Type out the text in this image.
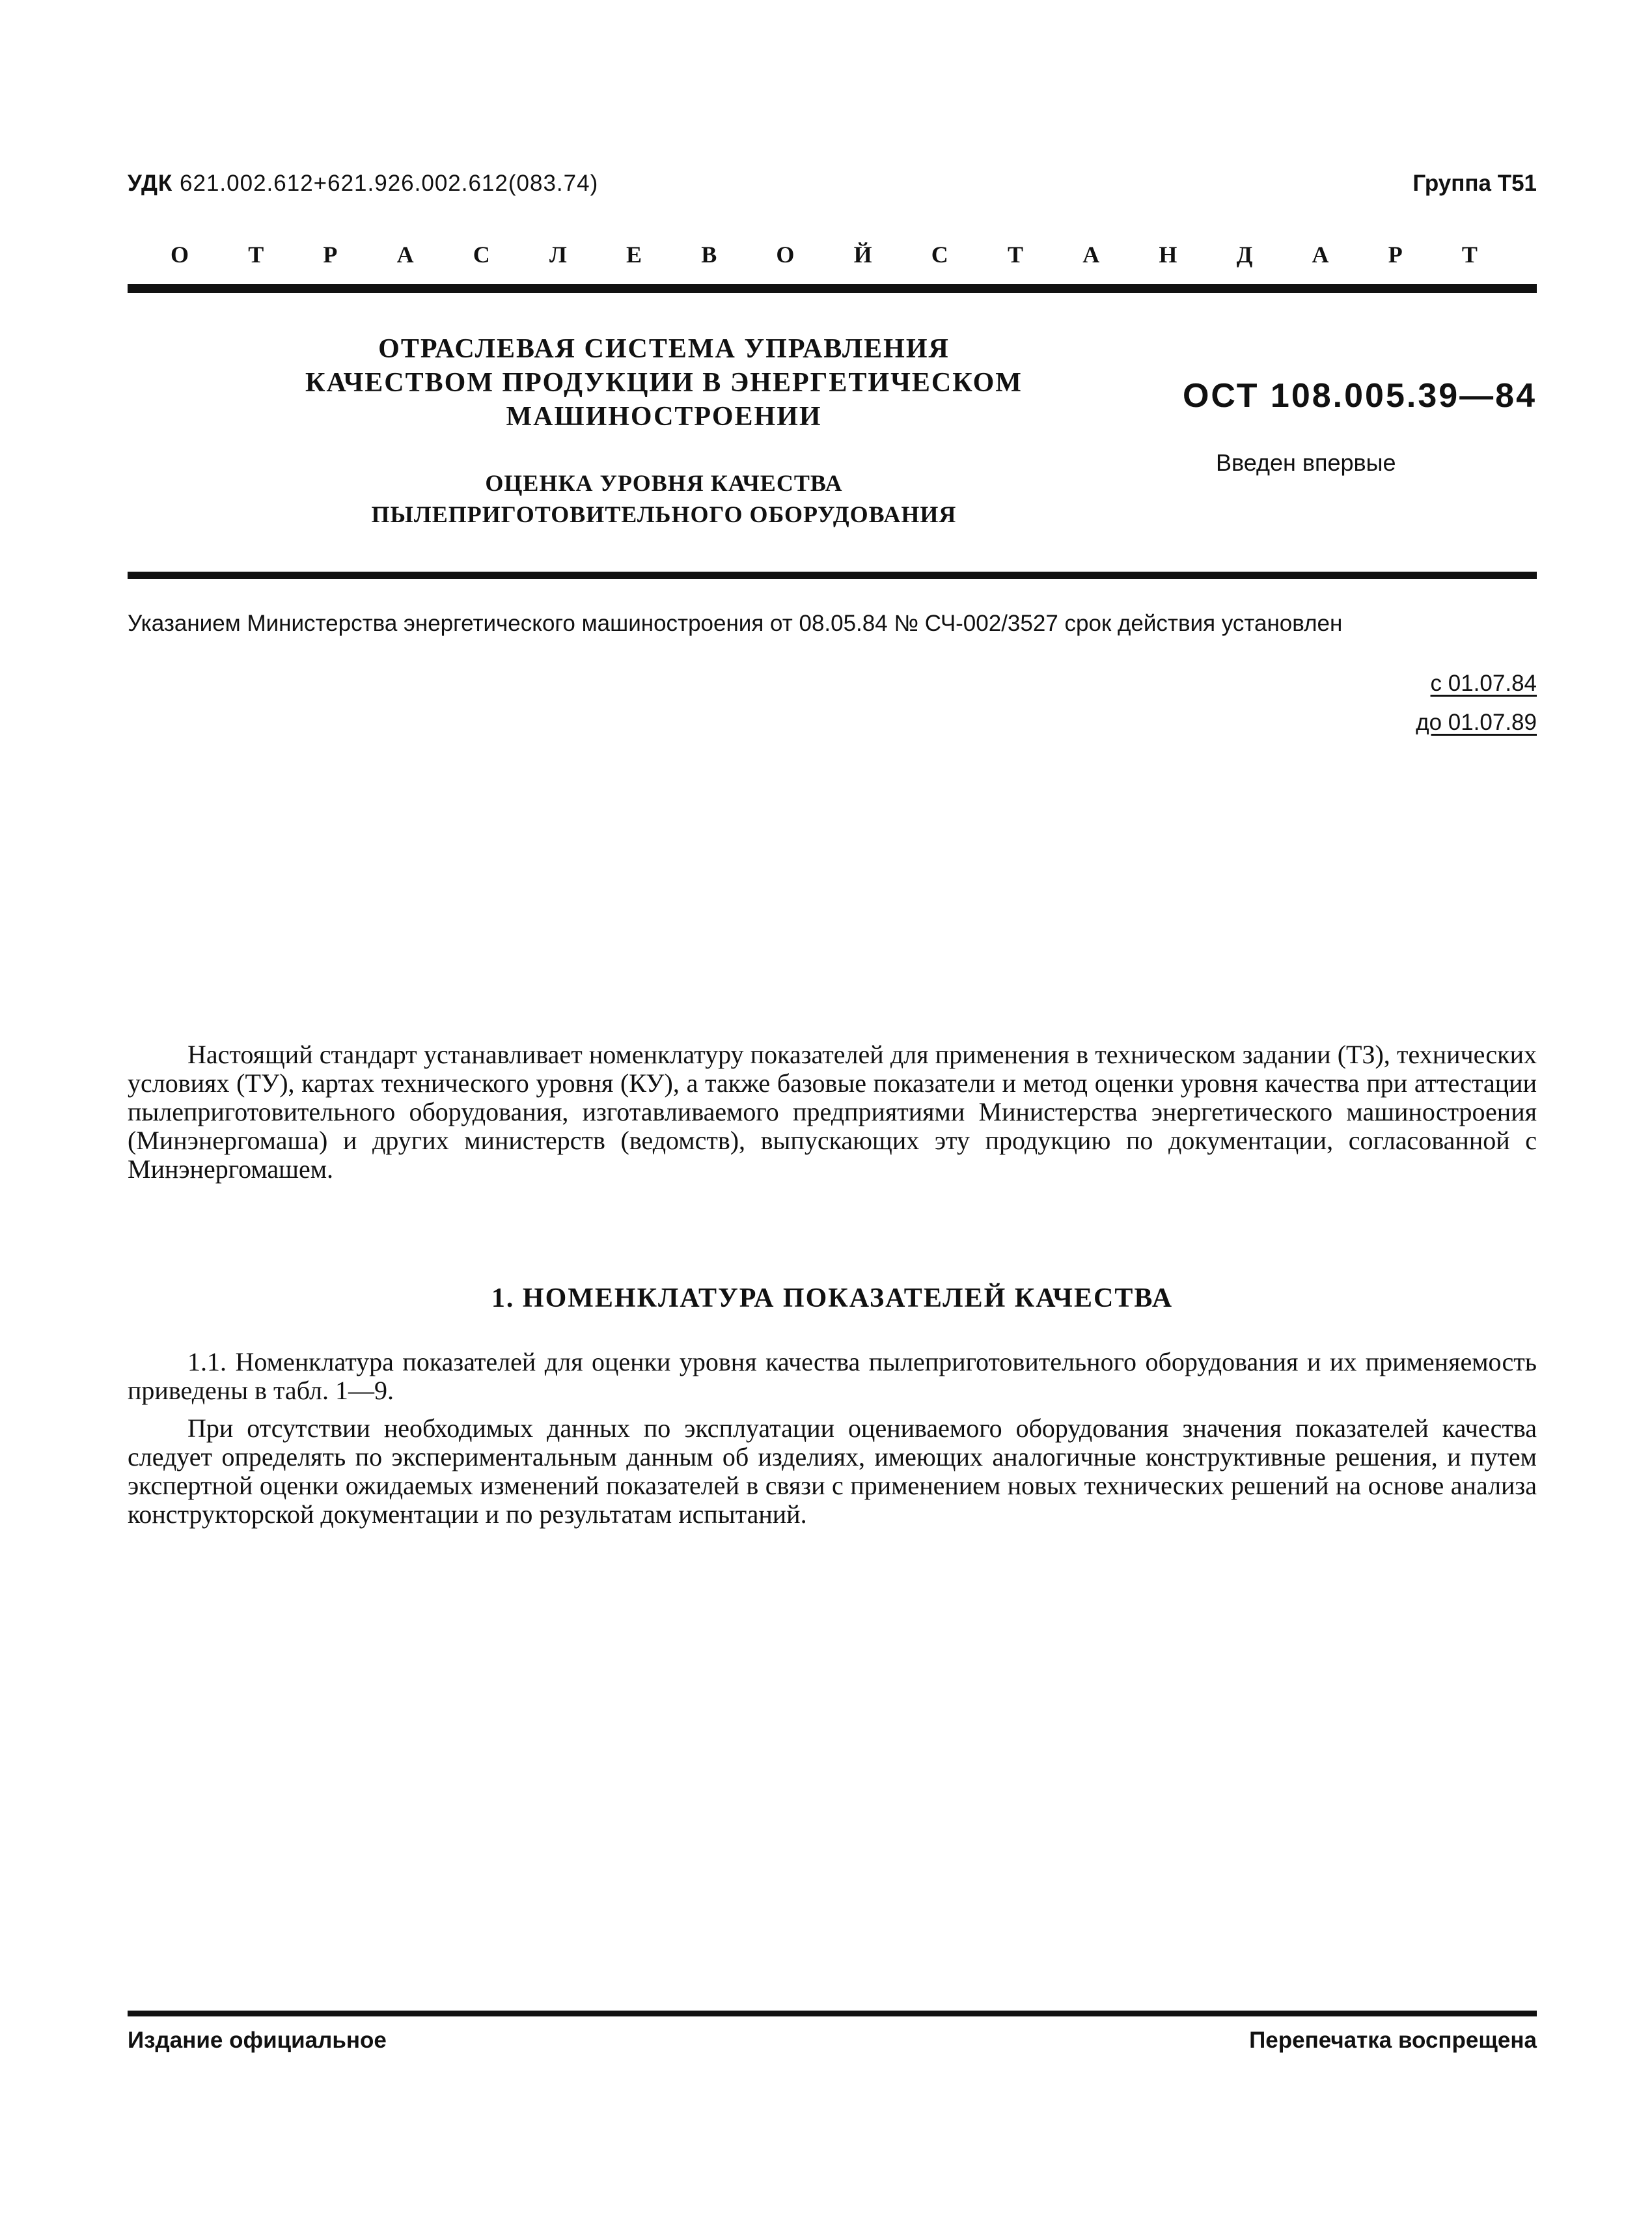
УДК 621.002.612+621.926.002.612(083.74)	Группа Т51
О	Т	Р	А	С	Л	Е	В	О	Й	С	Т	А	Н	Д	А	Р	Т
ОТРАСЛЕВАЯ СИСТЕМА УПРАВЛЕНИЯ
КАЧЕСТВОМ ПРОДУКЦИИ В ЭНЕРГЕТИЧЕСКОМ
МАШИНОСТРОЕНИИ
ОЦЕНКА УРОВНЯ КАЧЕСТВА
ПЫЛЕПРИГОТОВИТЕЛЬНОГО ОБОРУДОВАНИЯ
ОСТ 108.005.39—84
Введен впервые
Указанием Министерства энергетического машиностроения от 08.05.84 № СЧ-002/3527 срок действия установлен
с 01.07.84
до 01.07.89
Настоящий стандарт устанавливает номенклатуру показателей для применения в техническом задании (ТЗ), технических условиях (ТУ), картах технического уровня (КУ), а также базовые показатели и метод оценки уровня качества при аттестации пылеприготовительного оборудования, изготавливаемого предприятиями Министерства энергетического машиностроения (Минэнергомаша) и других министерств (ведомств), выпускающих эту продукцию по документации, согласованной с Минэнергомашем.
1. НОМЕНКЛАТУРА ПОКАЗАТЕЛЕЙ КАЧЕСТВА
1.1. Номенклатура показателей для оценки уровня качества пылеприготовительного оборудования и их применяемость приведены в табл. 1—9.
При отсутствии необходимых данных по эксплуатации оцениваемого оборудования значения показателей качества следует определять по экспериментальным данным об изделиях, имеющих аналогичные конструктивные решения, и путем экспертной оценки ожидаемых изменений показателей в связи с применением новых технических решений на основе анализа конструкторской документации и по результатам испытаний.
Издание официальное	Перепечатка воспрещена
